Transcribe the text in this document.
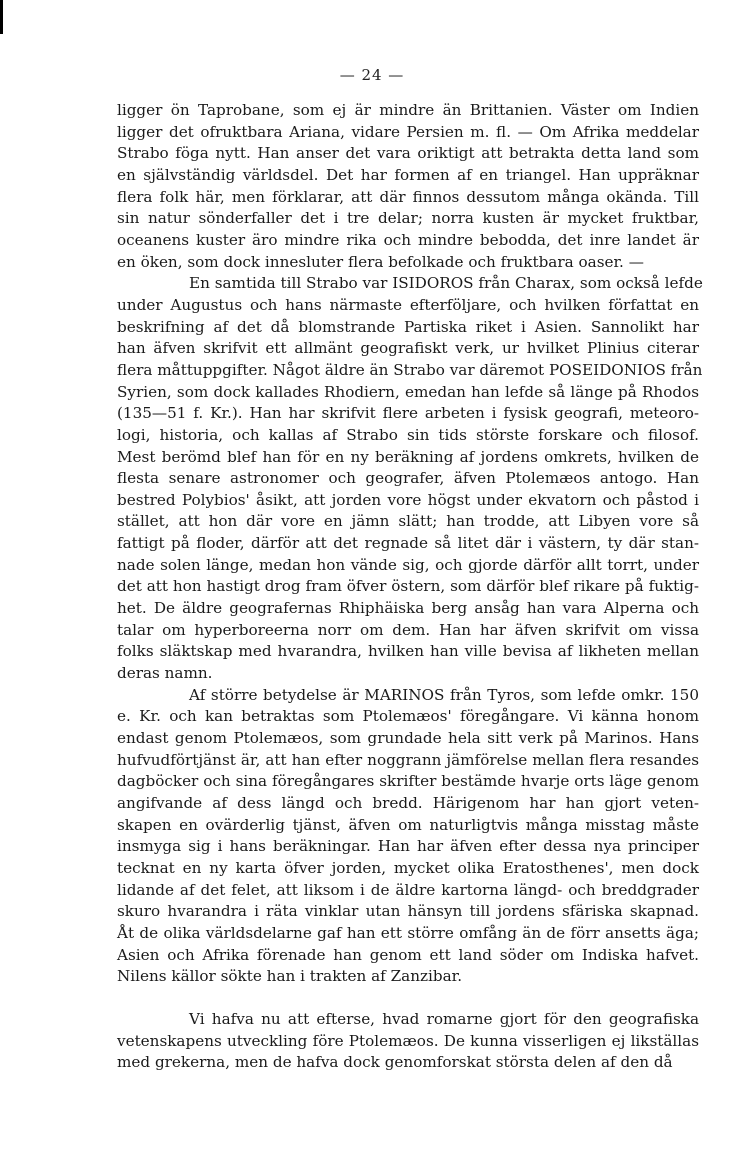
— 24 —

ligger ön Taprobane, som ej är mindre än Brittanien. Väster om Indien
ligger det ofruktbara Ariana, vidare Persien m. fl. — Om Afrika meddelar
Strabo föga nytt. Han anser det vara oriktigt att betrakta detta land som
en självständig världsdel. Det har formen af en triangel. Han uppräknar
flera folk här, men förklarar, att där finnos dessutom många okända. Till
sin natur sönderfaller det i tre delar; norra kusten är mycket fruktbar,
oceanens kuster äro mindre rika och mindre bebodda, det inre landet är
en öken, som dock innesluter flera befolkade och fruktbara oaser. —

En samtida till Strabo var ISIDOROS från Charax, som också lefde
under Augustus och hans närmaste efterföljare, och hvilken författat en
beskrifning af det då blomstrande Partiska riket i Asien. Sannolikt har
han äfven skrifvit ett allmänt geografiskt verk, ur hvilket Plinius citerar
flera måttuppgifter. Något äldre än Strabo var däremot POSEIDONIOS från
Syrien, som dock kallades Rhodiern, emedan han lefde så länge på Rhodos
(135—51 f. Kr.). Han har skrifvit flere arbeten i fysisk geografi, meteoro-
logi, historia, och kallas af Strabo sin tids störste forskare och filosof.
Mest berömd blef han för en ny beräkning af jordens omkrets, hvilken de
flesta senare astronomer och geografer, äfven Ptolemæos antogo. Han
bestred Polybios' åsikt, att jorden vore högst under ekvatorn och påstod i
stället, att hon där vore en jämn slätt; han trodde, att Libyen vore så
fattigt på floder, därför att det regnade så litet där i västern, ty där stan-
nade solen länge, medan hon vände sig, och gjorde därför allt torrt, under
det att hon hastigt drog fram öfver östern, som därför blef rikare på fuktig-
het. De äldre geografernas Rhiphäiska berg ansåg han vara Alperna och
talar om hyperboreerna norr om dem. Han har äfven skrifvit om vissa
folks släktskap med hvarandra, hvilken han ville bevisa af likheten mellan
deras namn.

Af större betydelse är MARINOS från Tyros, som lefde omkr. 150
e. Kr. och kan betraktas som Ptolemæos' föregångare. Vi känna honom
endast genom Ptolemæos, som grundade hela sitt verk på Marinos. Hans
hufvudförtjänst är, att han efter noggrann jämförelse mellan flera resandes
dagböcker och sina föregångares skrifter bestämde hvarje orts läge genom
angifvande af dess längd och bredd. Härigenom har han gjort veten-
skapen en ovärderlig tjänst, äfven om naturligtvis många misstag måste
insmyga sig i hans beräkningar. Han har äfven efter dessa nya principer
tecknat en ny karta öfver jorden, mycket olika Eratosthenes', men dock
lidande af det felet, att liksom i de äldre kartorna längd- och breddgrader
skuro hvarandra i räta vinklar utan hänsyn till jordens sfäriska skapnad.
Åt de olika världsdelarne gaf han ett större omfång än de förr ansetts äga;
Asien och Afrika förenade han genom ett land söder om Indiska hafvet.
Nilens källor sökte han i trakten af Zanzibar.

Vi hafva nu att efterse, hvad romarne gjort för den geografiska
vetenskapens utveckling före Ptolemæos. De kunna visserligen ej likställas
med grekerna, men de hafva dock genomforskat största delen af den då
